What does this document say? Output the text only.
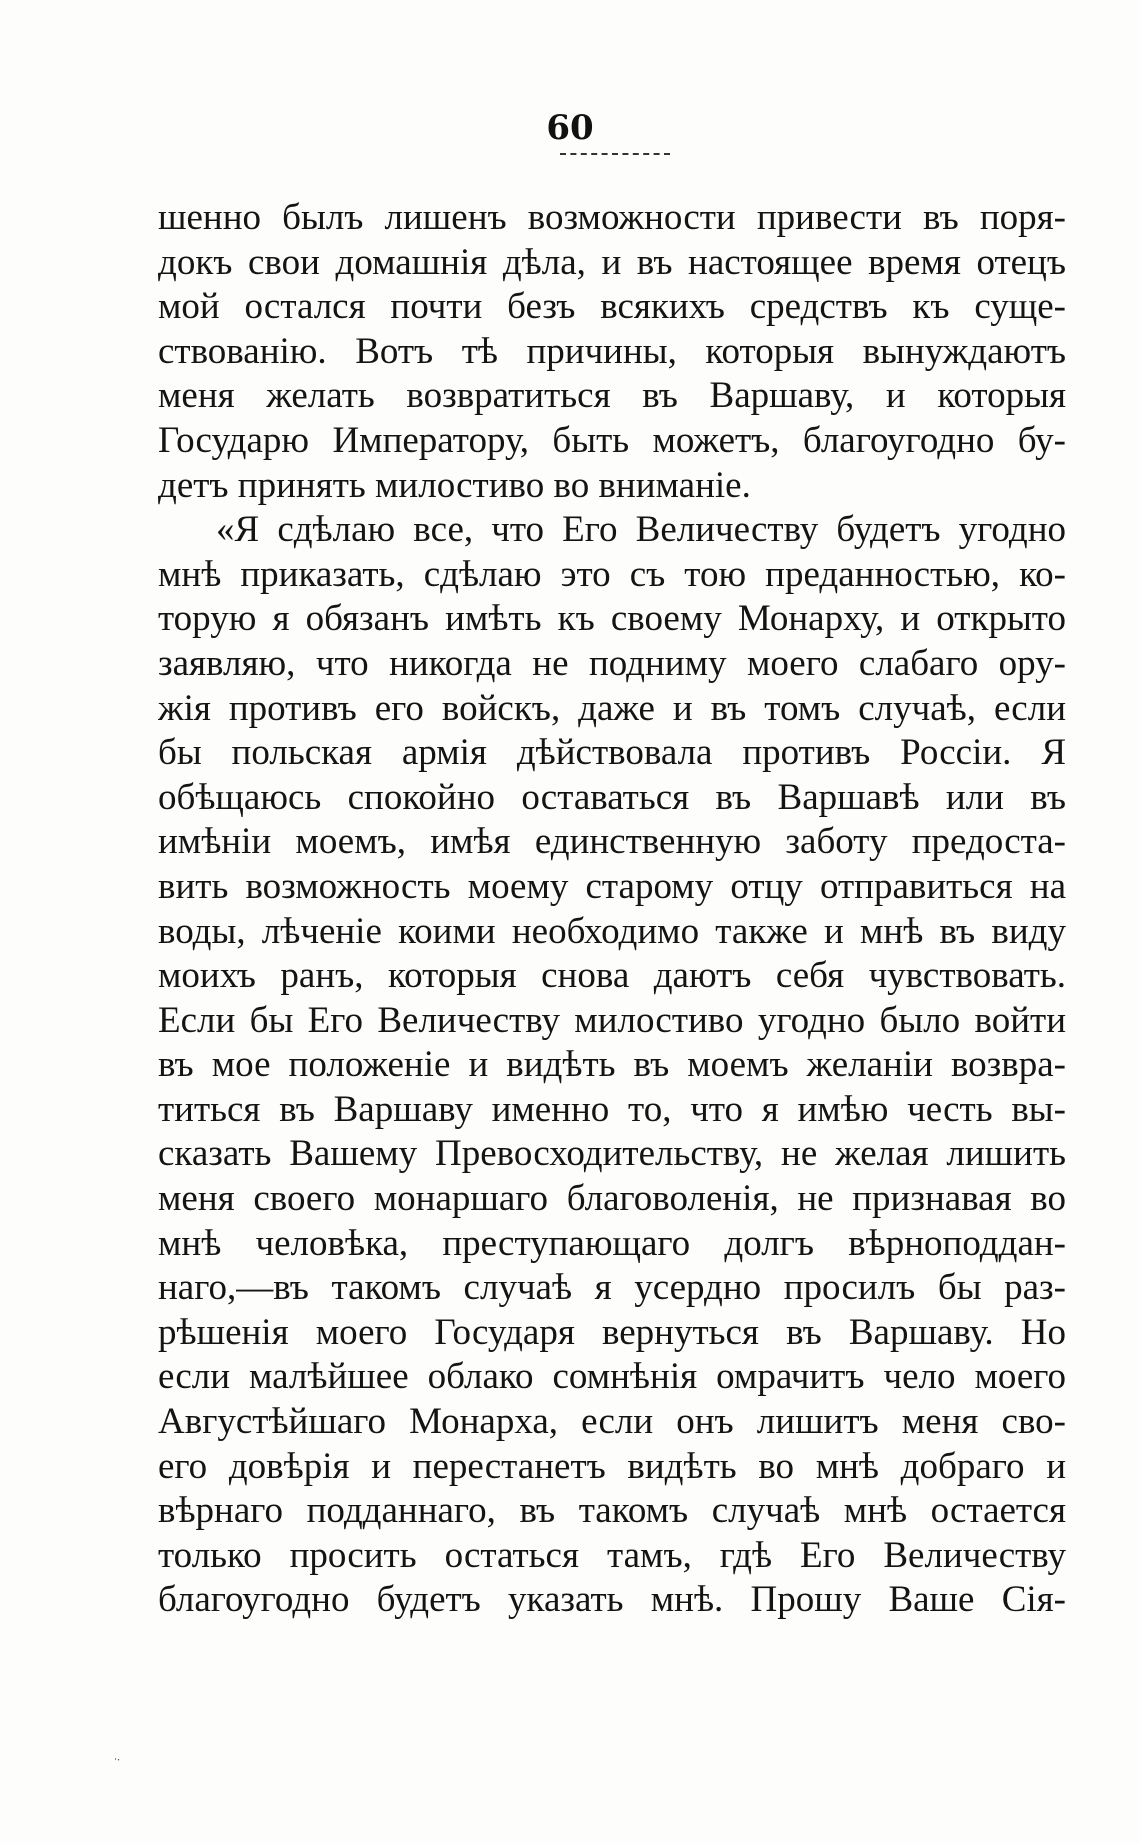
60
шенно былъ лишенъ возможности привести въ поря-
докъ свои домашнія дѣла, и въ настоящее время отецъ
мой остался почти безъ всякихъ средствъ къ суще-
ствованію. Вотъ тѣ причины, которыя вынуждаютъ
меня желать возвратиться въ Варшаву, и которыя
Государю Императору, быть можетъ, благоугодно бу-
детъ принять милостиво во вниманіе.
«Я сдѣлаю все, что Его Величеству будетъ угодно
мнѣ приказать, сдѣлаю это съ тою преданностью, ко-
торую я обязанъ имѣть къ своему Монарху, и открыто
заявляю, что никогда не подниму моего слабаго ору-
жія противъ его войскъ, даже и въ томъ случаѣ, если
бы польская армія дѣйствовала противъ Россіи. Я
обѣщаюсь спокойно оставаться въ Варшавѣ или въ
имѣніи моемъ, имѣя единственную заботу предоста-
вить возможность моему старому отцу отправиться на
воды, лѣченіе коими необходимо также и мнѣ въ виду
моихъ ранъ, которыя снова даютъ себя чувствовать.
Если бы Его Величеству милостиво угодно было войти
въ мое положеніе и видѣть въ моемъ желаніи возвра-
титься въ Варшаву именно то, что я имѣю честь вы-
сказать Вашему Превосходительству, не желая лишить
меня своего монаршаго благоволенія, не признавая во
мнѣ человѣка, преступающаго долгъ вѣрноподдан-
наго,—въ такомъ случаѣ я усердно просилъ бы раз-
рѣшенія моего Государя вернуться въ Варшаву. Но
если малѣйшее облако сомнѣнія омрачитъ чело моего
Августѣйшаго Монарха, если онъ лишитъ меня сво-
его довѣрія и перестанетъ видѣть во мнѣ добраго и
вѣрнаго подданнаго, въ такомъ случаѣ мнѣ остается
только просить остаться тамъ, гдѣ Его Величеству
благоугодно будетъ указать мнѣ. Прошу Ваше Сія-
